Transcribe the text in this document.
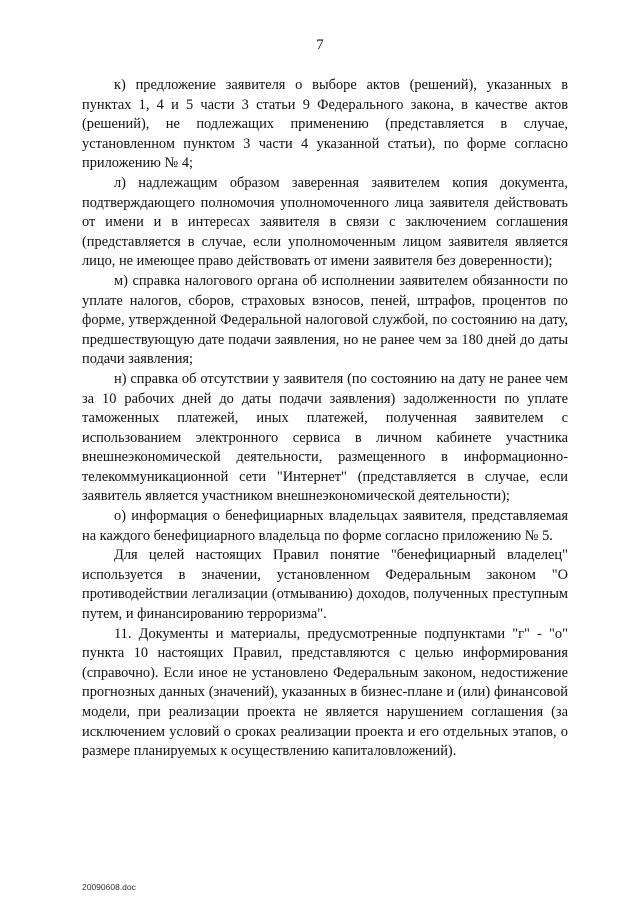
7

к) предложение заявителя о выборе актов (решений), указанных в пунктах 1, 4 и 5 части 3 статьи 9 Федерального закона, в качестве актов (решений), не подлежащих применению (представляется в случае, установленном пунктом 3 части 4 указанной статьи), по форме согласно приложению № 4;

л) надлежащим образом заверенная заявителем копия документа, подтверждающего полномочия уполномоченного лица заявителя действовать от имени и в интересах заявителя в связи с заключением соглашения (представляется в случае, если уполномоченным лицом заявителя является лицо, не имеющее право действовать от имени заявителя без доверенности);

м) справка налогового органа об исполнении заявителем обязанности по уплате налогов, сборов, страховых взносов, пеней, штрафов, процентов по форме, утвержденной Федеральной налоговой службой, по состоянию на дату, предшествующую дате подачи заявления, но не ранее чем за 180 дней до даты подачи заявления;

н) справка об отсутствии у заявителя (по состоянию на дату не ранее чем за 10 рабочих дней до даты подачи заявления) задолженности по уплате таможенных платежей, иных платежей, полученная заявителем с использованием электронного сервиса в личном кабинете участника внешнеэкономической деятельности, размещенного в информационно-телекоммуникационной сети "Интернет" (представляется в случае, если заявитель является участником внешнеэкономической деятельности);

о) информация о бенефициарных владельцах заявителя, представляемая на каждого бенефициарного владельца по форме согласно приложению № 5.

Для целей настоящих Правил понятие "бенефициарный владелец" используется в значении, установленном Федеральным законом "О противодействии легализации (отмыванию) доходов, полученных преступным путем, и финансированию терроризма".

11. Документы и материалы, предусмотренные подпунктами "г" - "о" пункта 10 настоящих Правил, представляются с целью информирования (справочно). Если иное не установлено Федеральным законом, недостижение прогнозных данных (значений), указанных в бизнес-плане и (или) финансовой модели, при реализации проекта не является нарушением соглашения (за исключением условий о сроках реализации проекта и его отдельных этапов, о размере планируемых к осуществлению капиталовложений).

20090608.doc
